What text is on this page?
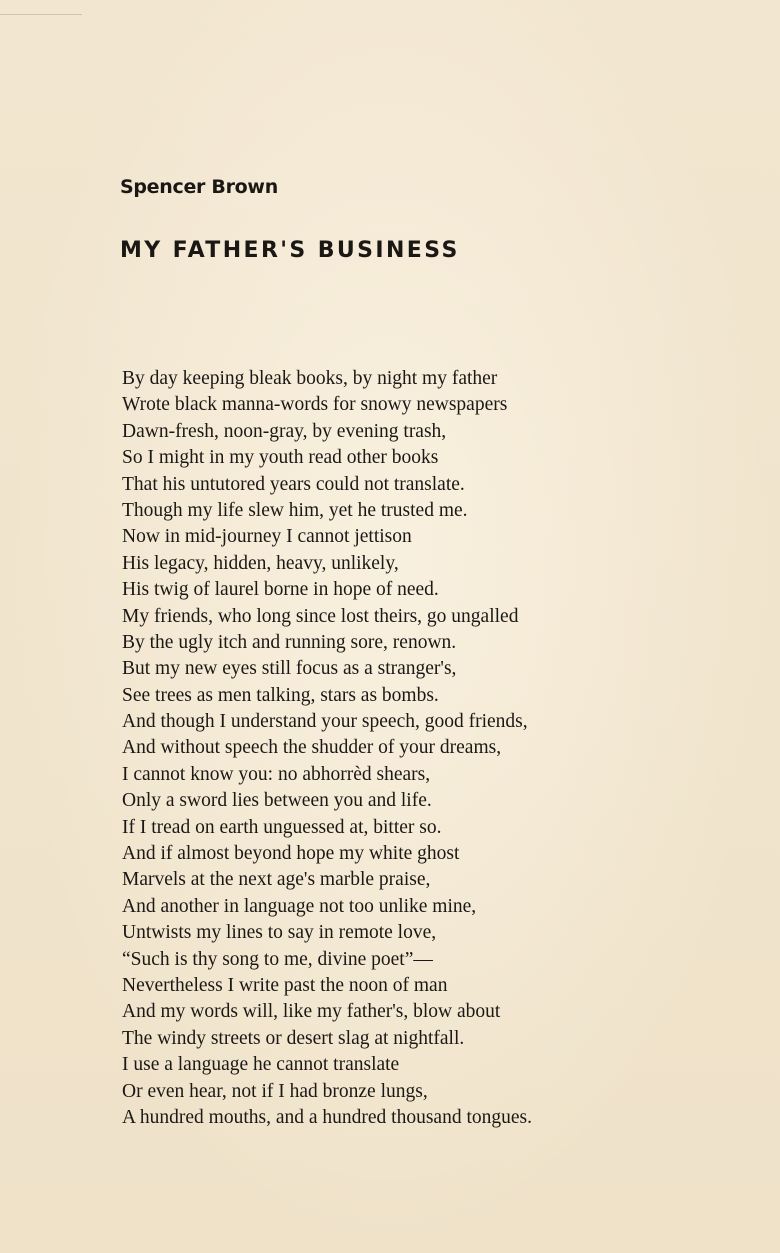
Spencer Brown
MY FATHER'S BUSINESS
By day keeping bleak books, by night my father
Wrote black manna-words for snowy newspapers
Dawn-fresh, noon-gray, by evening trash,
So I might in my youth read other books
That his untutored years could not translate.
Though my life slew him, yet he trusted me.
Now in mid-journey I cannot jettison
His legacy, hidden, heavy, unlikely,
His twig of laurel borne in hope of need.
My friends, who long since lost theirs, go ungalled
By the ugly itch and running sore, renown.
But my new eyes still focus as a stranger's,
See trees as men talking, stars as bombs.
And though I understand your speech, good friends,
And without speech the shudder of your dreams,
I cannot know you: no abhorrèd shears,
Only a sword lies between you and life.
If I tread on earth unguessed at, bitter so.
And if almost beyond hope my white ghost
Marvels at the next age's marble praise,
And another in language not too unlike mine,
Untwists my lines to say in remote love,
“Such is thy song to me, divine poet”—
Nevertheless I write past the noon of man
And my words will, like my father's, blow about
The windy streets or desert slag at nightfall.
I use a language he cannot translate
Or even hear, not if I had bronze lungs,
A hundred mouths, and a hundred thousand tongues.
